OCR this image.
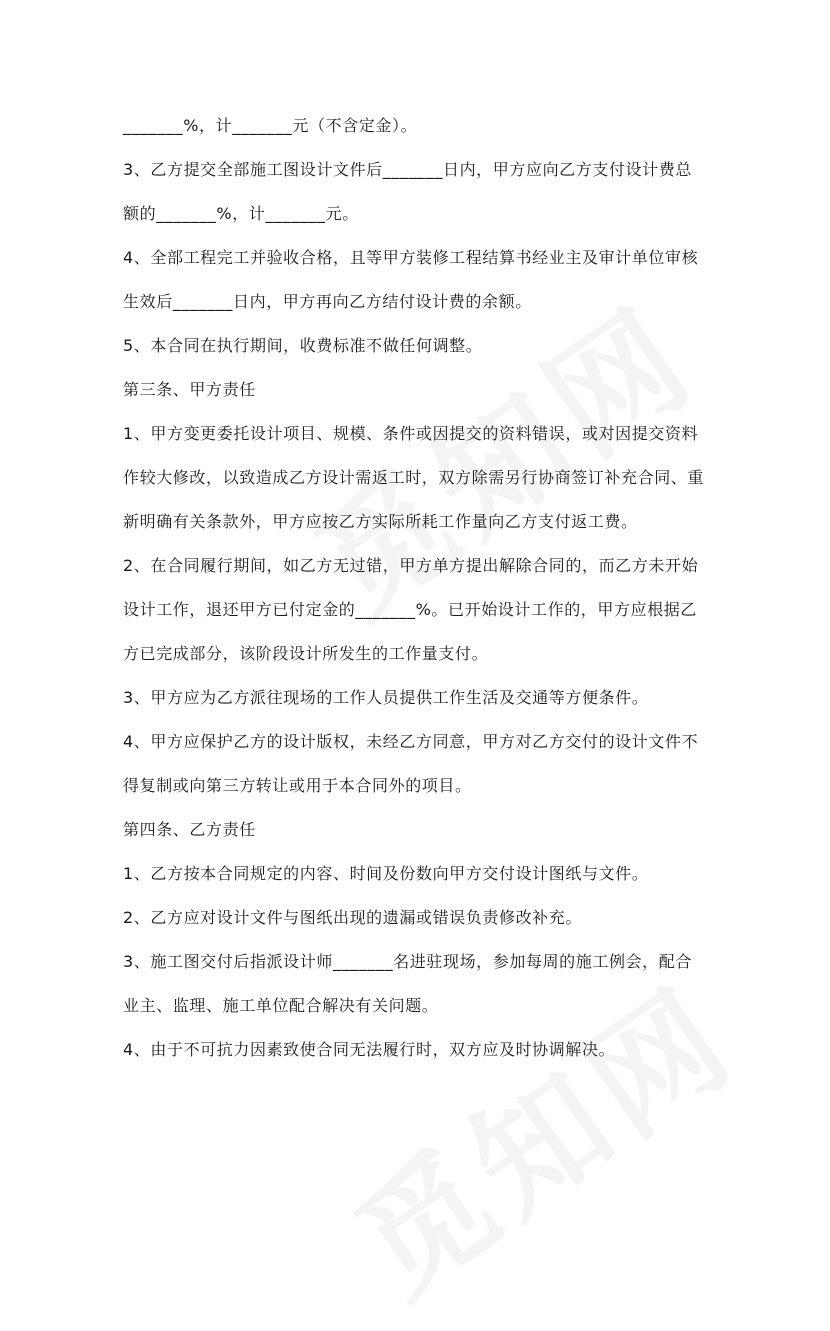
_______%，计_______元（不含定金）。
3、乙方提交全部施工图设计文件后_______日内，甲方应向乙方支付设计费总
额的_______%，计_______元。
4、全部工程完工并验收合格，且等甲方装修工程结算书经业主及审计单位审核
生效后_______日内，甲方再向乙方结付设计费的余额。
5、本合同在执行期间，收费标准不做任何调整。
第三条、甲方责任
1、甲方变更委托设计项目、规模、条件或因提交的资料错误，或对因提交资料
作较大修改，以致造成乙方设计需返工时，双方除需另行协商签订补充合同、重
新明确有关条款外，甲方应按乙方实际所耗工作量向乙方支付返工费。
2、在合同履行期间，如乙方无过错，甲方单方提出解除合同的，而乙方未开始
设计工作，退还甲方已付定金的_______%。已开始设计工作的，甲方应根据乙
方已完成部分，该阶段设计所发生的工作量支付。
3、甲方应为乙方派往现场的工作人员提供工作生活及交通等方便条件。
4、甲方应保护乙方的设计版权，未经乙方同意，甲方对乙方交付的设计文件不
得复制或向第三方转让或用于本合同外的项目。
第四条、乙方责任
1、乙方按本合同规定的内容、时间及份数向甲方交付设计图纸与文件。
2、乙方应对设计文件与图纸出现的遗漏或错误负责修改补充。
3、施工图交付后指派设计师_______名进驻现场，参加每周的施工例会，配合
业主、监理、施工单位配合解决有关问题。
4、由于不可抗力因素致使合同无法履行时，双方应及时协调解决。
